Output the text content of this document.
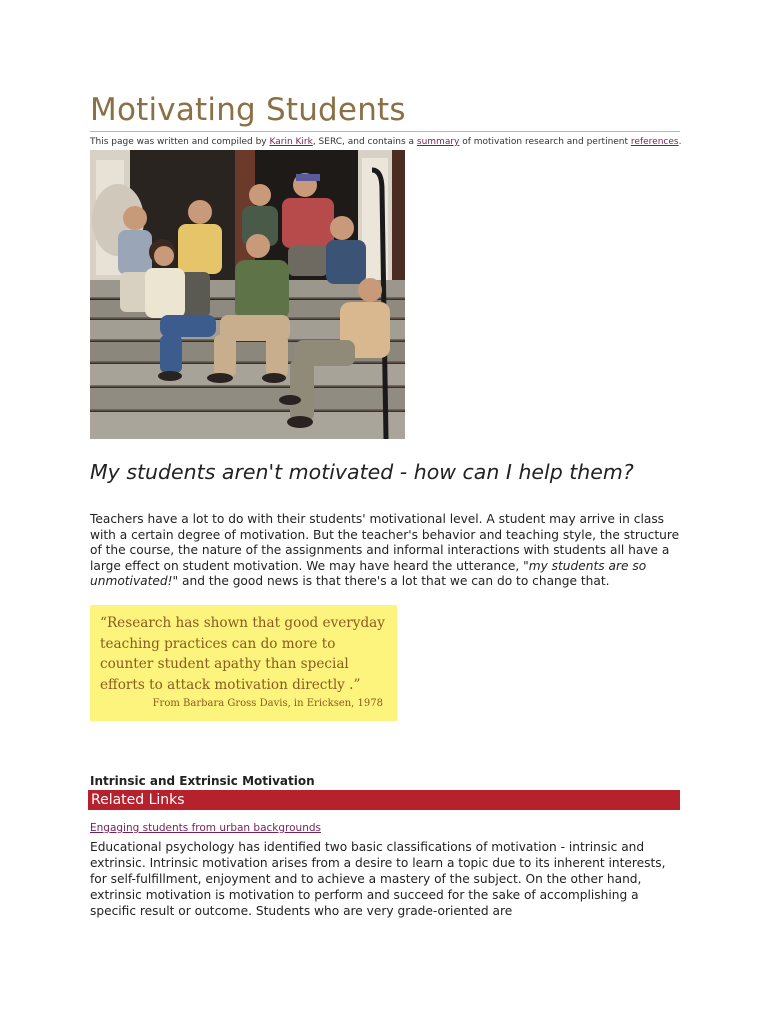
Motivating Students
This page was written and compiled by Karin Kirk, SERC, and contains a summary of motivation research and pertinent references.
My students aren't motivated - how can I help them?

Teachers have a lot to do with their students' motivational level. A student may arrive in class with a certain degree of motivation. But the teacher's behavior and teaching style, the structure of the course, the nature of the assignments and informal interactions with students all have a large effect on student motivation. We may have heard the utterance, "my students are so unmotivated!" and the good news is that there's a lot that we can do to change that.

“Research has shown that good everyday teaching practices can do more to counter student apathy than special efforts to attack motivation directly .”

From Barbara Gross Davis, in Ericksen, 1978
Intrinsic and Extrinsic Motivation
Related Links
Engaging students from urban backgrounds

Educational psychology has identified two basic classifications of motivation - intrinsic and extrinsic. Intrinsic motivation arises from a desire to learn a topic due to its inherent interests, for self-fulfillment, enjoyment and to achieve a mastery of the subject. On the other hand, extrinsic motivation is motivation to perform and succeed for the sake of accomplishing a specific result or outcome. Students who are very grade-oriented are
